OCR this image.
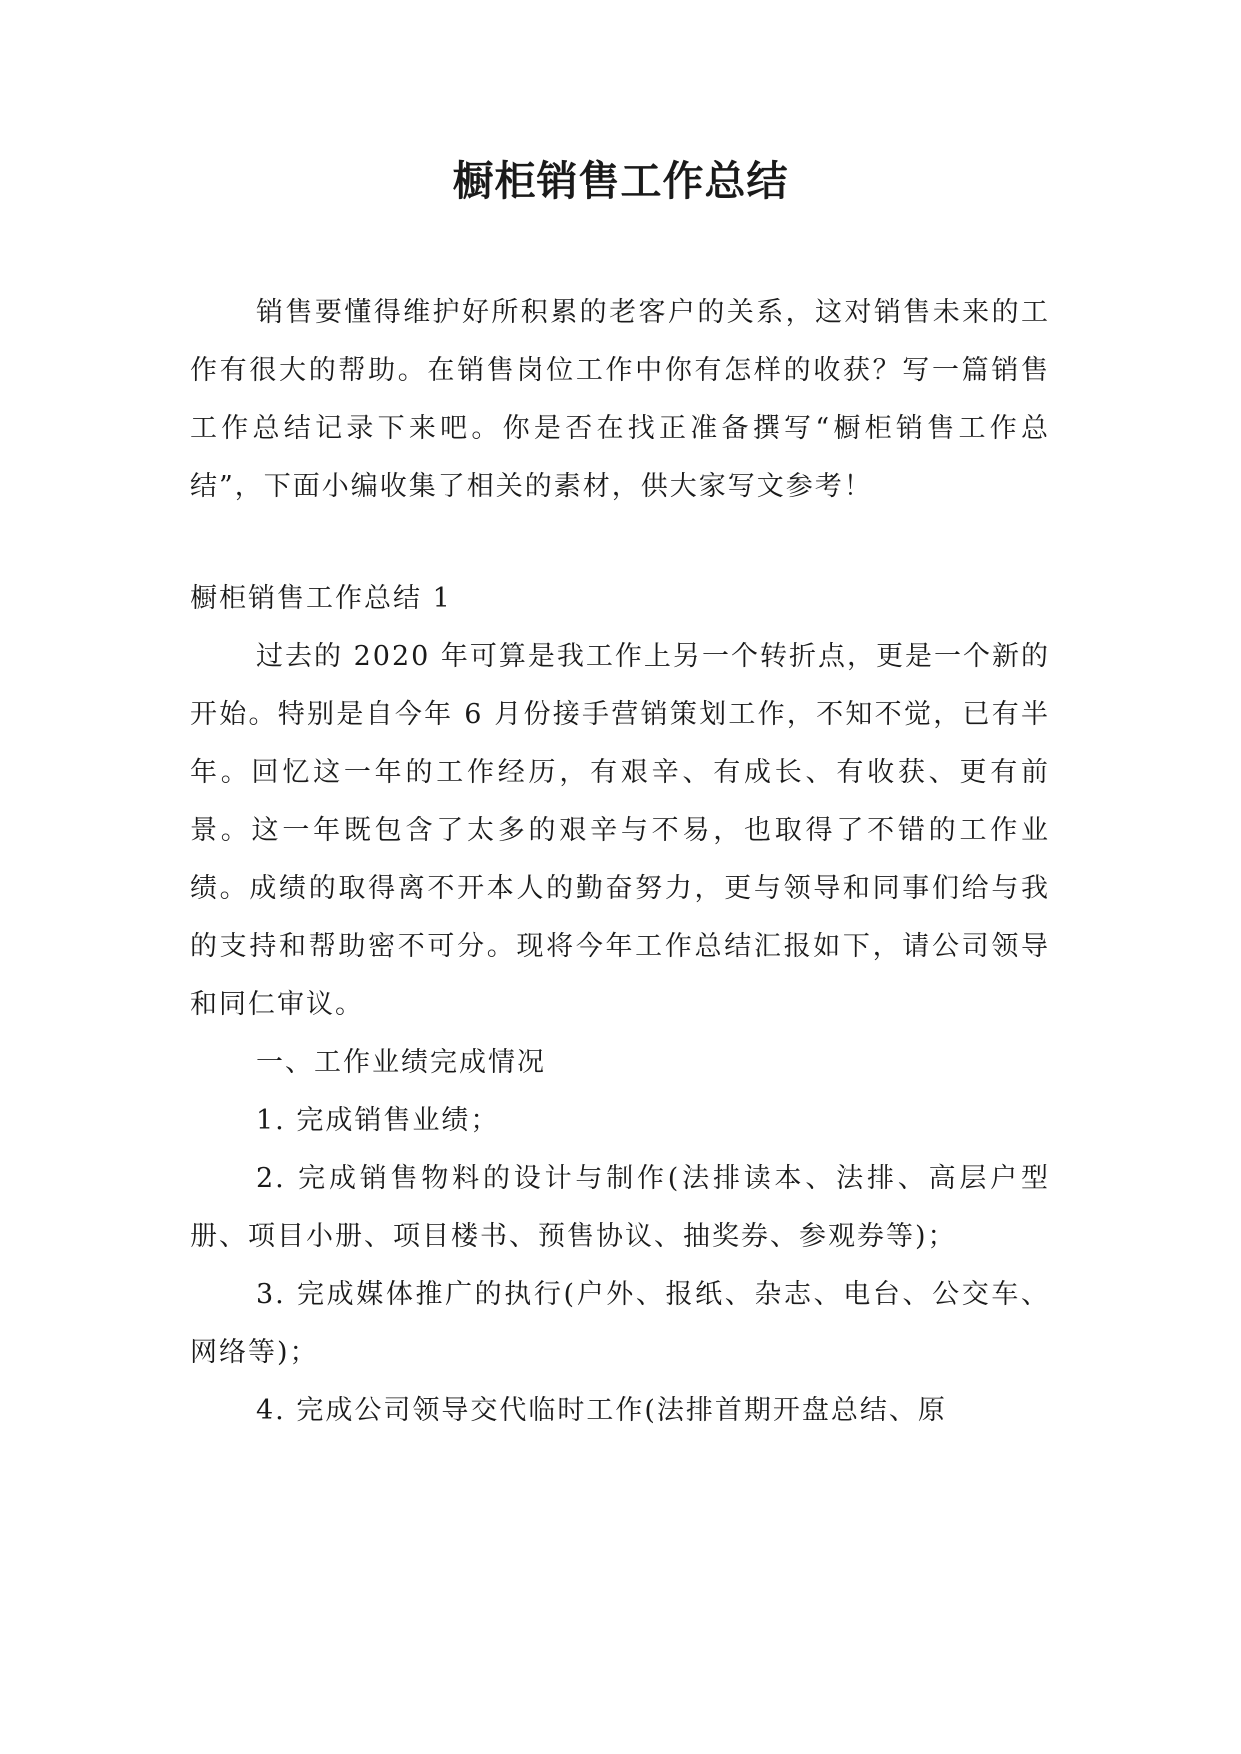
橱柜销售工作总结

销售要懂得维护好所积累的老客户的关系，这对销售未来的工作有很大的帮助。在销售岗位工作中你有怎样的收获？写一篇销售工作总结记录下来吧。你是否在找正准备撰写“橱柜销售工作总结”，下面小编收集了相关的素材，供大家写文参考！

橱柜销售工作总结 1

过去的 2020 年可算是我工作上另一个转折点，更是一个新的开始。特别是自今年 6 月份接手营销策划工作，不知不觉，已有半年。回忆这一年的工作经历，有艰辛、有成长、有收获、更有前景。这一年既包含了太多的艰辛与不易，也取得了不错的工作业绩。成绩的取得离不开本人的勤奋努力，更与领导和同事们给与我的支持和帮助密不可分。现将今年工作总结汇报如下，请公司领导和同仁审议。

一、工作业绩完成情况

1. 完成销售业绩；

2. 完成销售物料的设计与制作(法排读本、法排、高层户型册、项目小册、项目楼书、预售协议、抽奖券、参观券等)；

3. 完成媒体推广的执行(户外、报纸、杂志、电台、公交车、网络等)；

4. 完成公司领导交代临时工作(法排首期开盘总结、原
